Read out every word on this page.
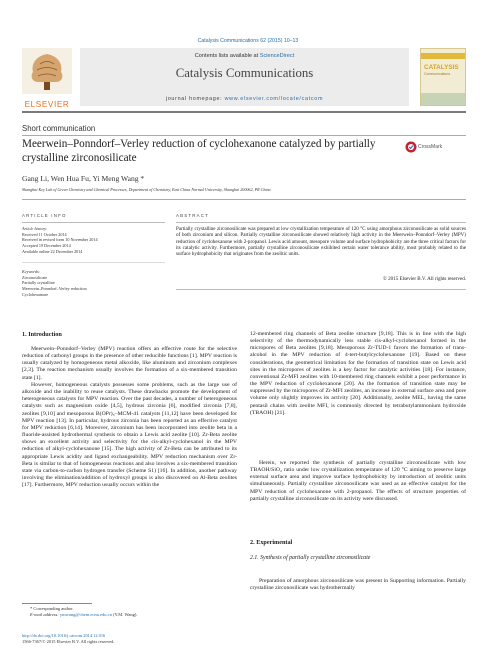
Catalysis Communications 62 (2015) 10–13
ELSEVIER
Contents lists available at ScienceDirect
Catalysis Communications
journal homepage: www.elsevier.com/locate/catcom
CATALYSIS
Communications
Short communication
Meerwein–Ponndorf–Verley reduction of cyclohexanone catalyzed by partially crystalline zirconosilicate
CrossMark
Gang Li, Wen Hua Fu, Yi Meng Wang *
Shanghai Key Lab of Green Chemistry and Chemical Processes, Department of Chemistry, East China Normal University, Shanghai 200062, PR China
ARTICLE INFO
Article history:
Received 11 October 2014
Received in revised form 10 November 2014
Accepted 19 December 2014
Available online 22 December 2014
Keywords:
Zirconosilicate
Partially crystalline
Meerwein–Ponndorf–Verley reduction
Cyclohexanone
ABSTRACT
Partially crystalline zirconosilicate was prepared at low crystallization temperature of 120 °C using amorphous zirconosilicate as solid sources of both zirconium and silicon. Partially crystalline zirconosilicate showed relatively high activity in the Meerwein–Ponndorf–Verley (MPV) reduction of cyclohexanone with 2-propanol. Lewis acid amount, mesopore volume and surface hydrophobicity are the three critical factors for its catalytic activity. Furthermore, partially crystalline zirconosilicate exhibited certain water tolerance ability, most probably related to the surface hydrophobicity that originates from the zeolitic units.
© 2015 Elsevier B.V. All rights reserved.
1. Introduction
Meerwein–Ponndorf–Verley (MPV) reaction offers an effective route for the selective reduction of carbonyl groups in the presence of other reducible functions [1]. MPV reaction is usually catalyzed by homogeneous metal alkoxide, like aluminum and zirconium complexes [2,3]. The reaction mechanism usually involves the formation of a six-membered transition state [1].
However, homogeneous catalysts possesses some problems, such as the large use of alkoxide and the inability to reuse catalysts. These drawbacks promote the development of heterogeneous catalysts for MPV reaction. Over the past decades, a number of heterogeneous catalysts such as magnesium oxide [4,5], hydrous zirconia [6], modified zirconia [7,8], zeolites [9,10] and mesoporous B(OPr)₃–MCM-41 catalysts [11,12] have been developed for MPV reaction [13]. In particular, hydrous zirconia has been reported as an effective catalyst for MPV reduction [6,14]. Moreover, zirconium has been incorporated into zeolite beta in a fluoride-assisted hydrothermal synthesis to obtain a Lewis acid zeolite [10]. Zr-Beta zeolite shows an excellent activity and selectivity for the cis-alkyl-cyclohexanol in the MPV reduction of alkyl-cyclohexanone [15]. The high activity of Zr-Beta can be attributed to its appropriate Lewis acidity and ligand exchangeability. MPV reduction mechanism over Zr-Beta is similar to that of homogeneous reactions and also involves a six-membered transition state via carbon-to-carbon hydrogen transfer (Scheme S1) [16]. In addition, another pathway involving the elimination/addition of hydroxyl groups is also discovered on Al-Beta zeolites [17]. Furthermore, MPV reduction usually occurs within the
12-membered ring channels of Beta zeolite structure [9,18]. This is in line with the high selectivity of the thermodynamically less stable cis-alkyl-cyclohexanol formed in the micropores of Beta zeolites [9,18]. Mesoporous Zr-TUD-1 favors the formation of trans-alcohol in the MPV reduction of 4-tert-butylcyclohexanone [19]. Based on these considerations, the geometrical limitation for the formation of transition state on Lewis acid sites in the micropores of zeolites is a key factor for catalytic activities [18]. For instance, conventional Zr-MFI zeolites with 10-membered ring channels exhibit a poor performance in the MPV reduction of cyclohexanone [20]. As the formation of transition state may be suppressed by the micropores of Zr-MFI zeolites, an increase in external surface area and pore volume only slightly improves its activity [20]. Additionally, zeolite MEL, having the same pentasil chains with zeolite MFI, is commonly directed by tetrabutylammonium hydroxide (TBAOH) [21].
Herein, we reported the synthesis of partially crystalline zirconosilicate with low TBAOH/SiO₂ ratio under low crystallization temperature of 120 °C aiming to preserve large external surface area and improve surface hydrophobicity by introduction of zeolitic units simultaneously. Partially crystalline zirconosilicate was used as an effective catalyst for the MPV reduction of cyclohexanone with 2-propanol. The effects of structure properties of partially crystalline zirconosilicate on its activity were discussed.
2. Experimental
2.1. Synthesis of partially crystalline zirconosilicate
Preparation of amorphous zirconosilicate was present in Supporting information. Partially crystalline zirconosilicate was hydrothermally
* Corresponding author.
E-mail address: ymwang@chem.ecnu.edu.cn (Y.M. Wang).
http://dx.doi.org/10.1016/j.catcom.2014.12.016
1566-7367/© 2015 Elsevier B.V. All rights reserved.
